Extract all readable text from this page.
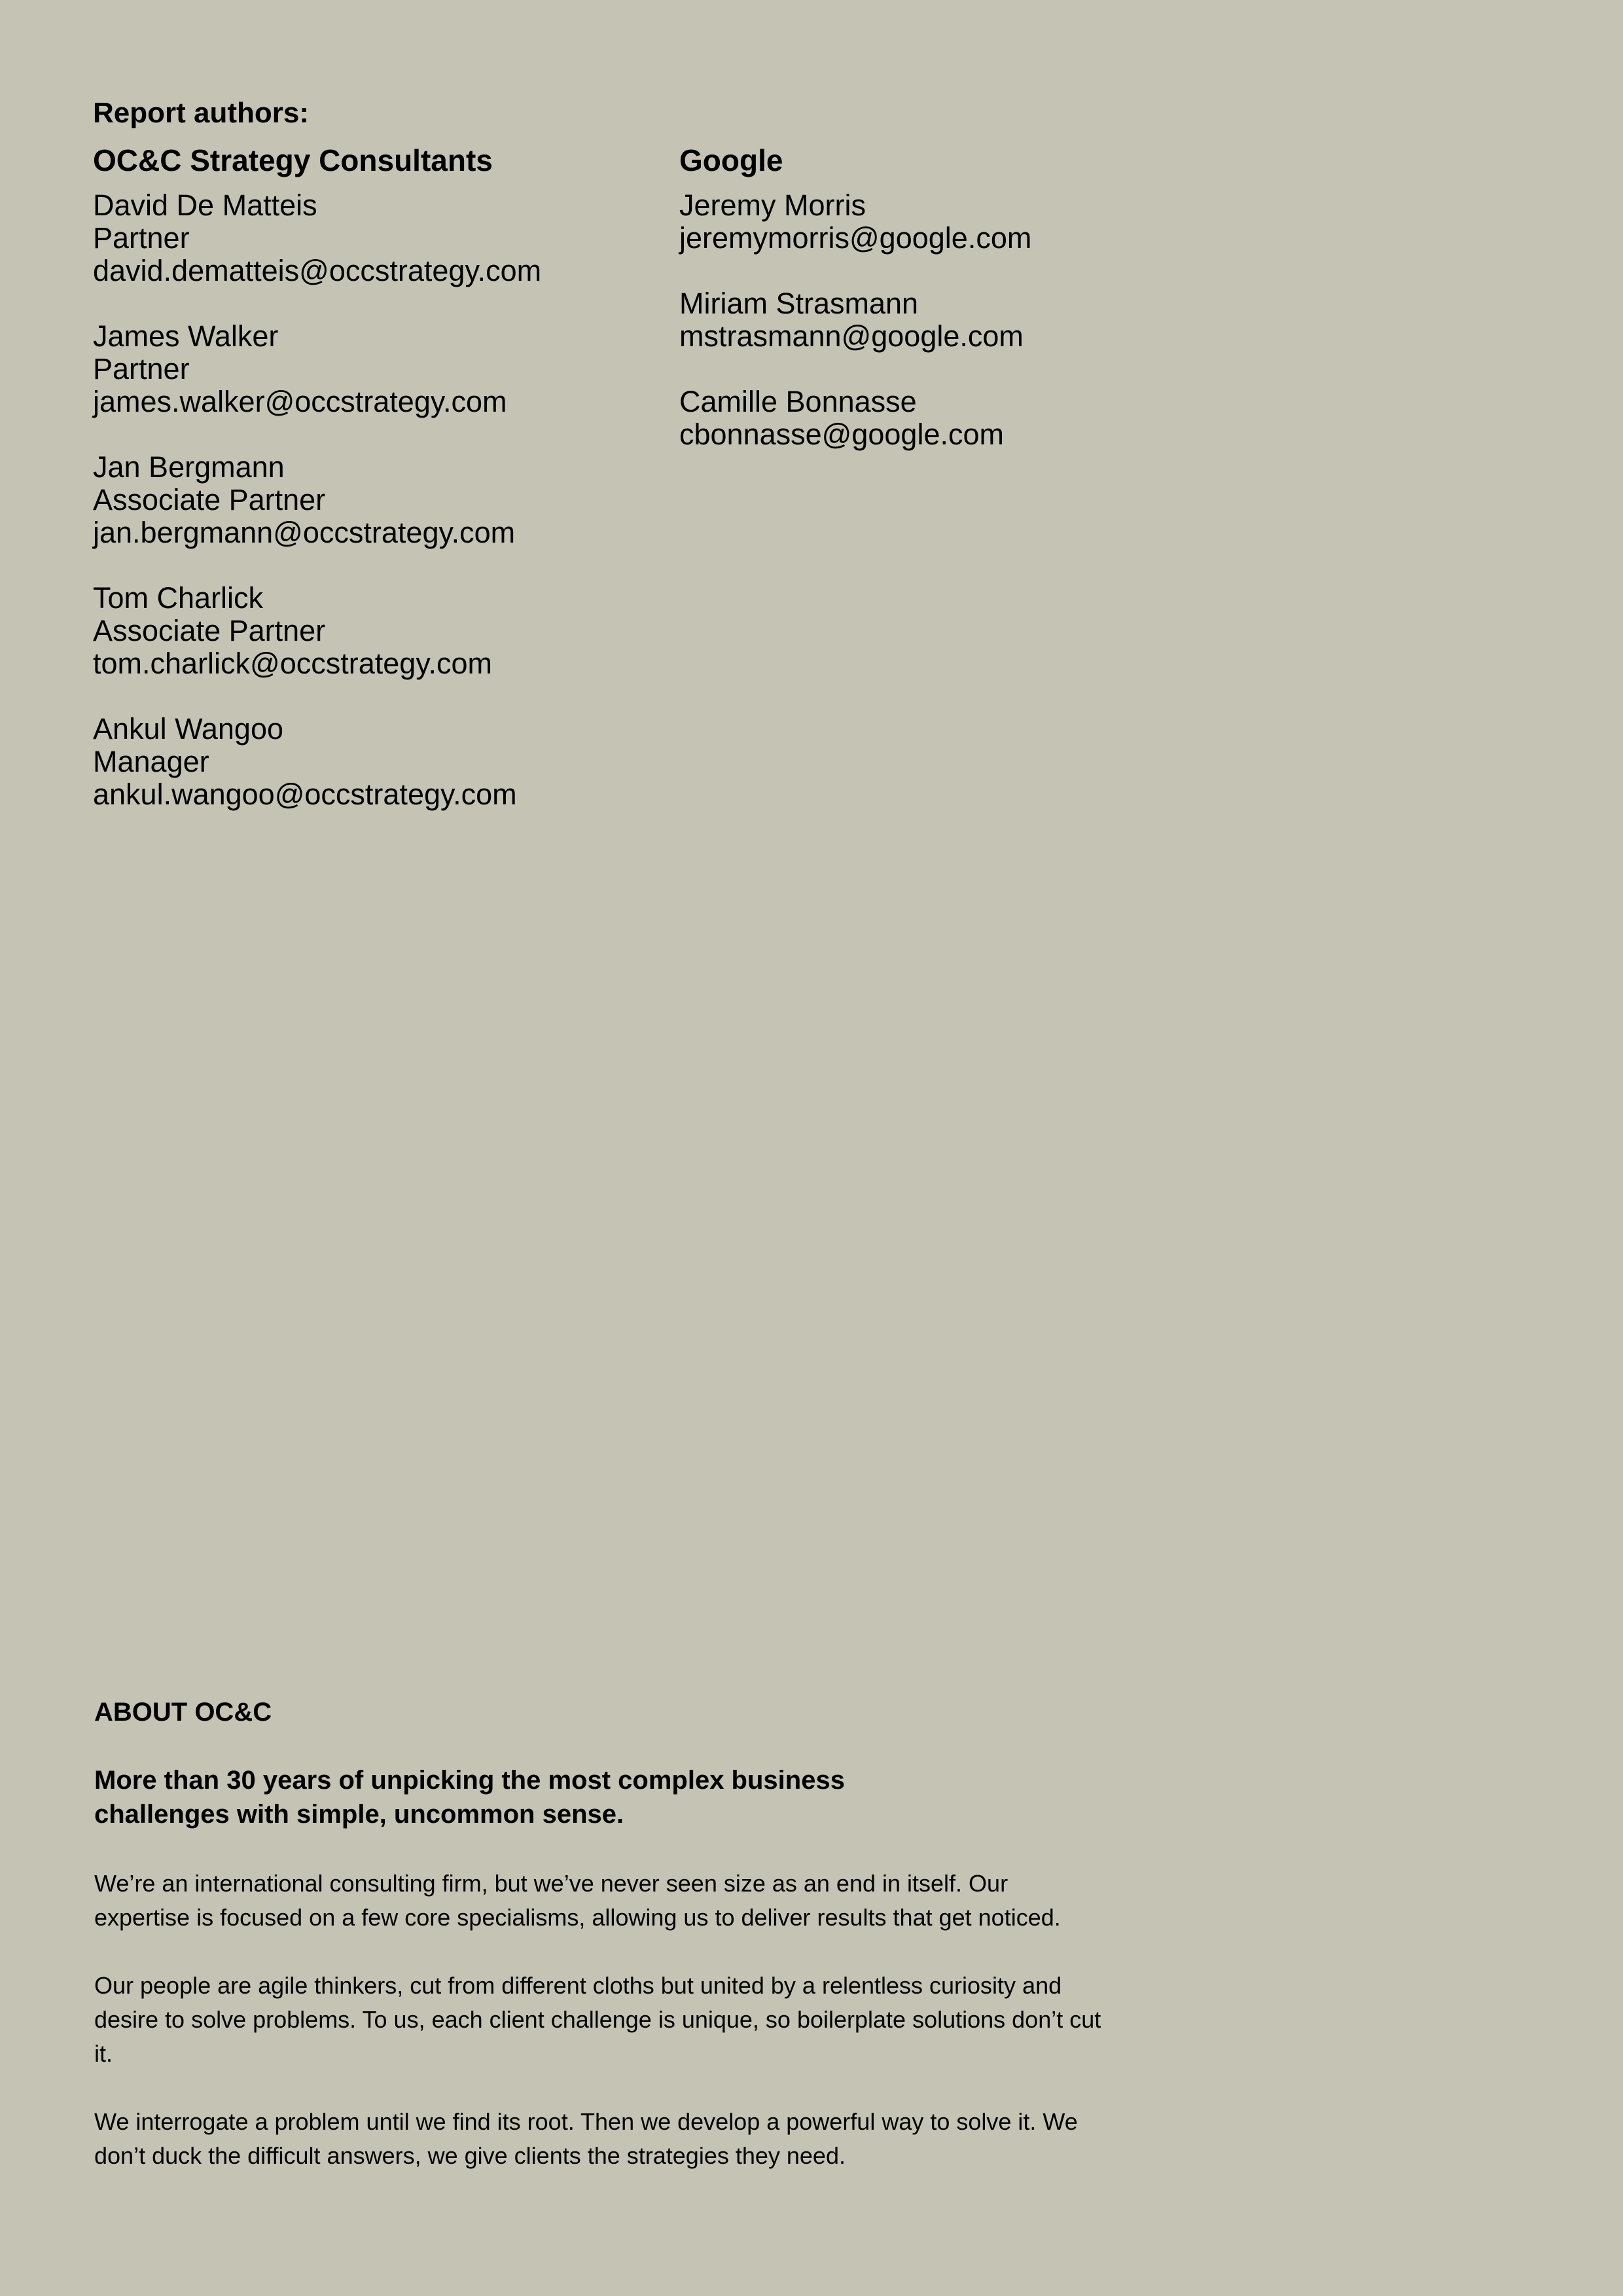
Report authors:
OC&C Strategy Consultants
David De Matteis
Partner
david.dematteis@occstrategy.com
James Walker
Partner
james.walker@occstrategy.com
Jan Bergmann
Associate Partner
jan.bergmann@occstrategy.com
Tom Charlick
Associate Partner
tom.charlick@occstrategy.com
Ankul Wangoo
Manager
ankul.wangoo@occstrategy.com
Google
Jeremy Morris
jeremymorris@google.com
Miriam Strasmann
mstrasmann@google.com
Camille Bonnasse
cbonnasse@google.com
ABOUT OC&C
More than 30 years of unpicking the most complex business challenges with simple, uncommon sense.

We’re an international consulting firm, but we’ve never seen size as an end in itself. Our expertise is focused on a few core specialisms, allowing us to deliver results that get noticed.

Our people are agile thinkers, cut from different cloths but united by a relentless curiosity and desire to solve problems. To us, each client challenge is unique, so boilerplate solutions don’t cut it.

We interrogate a problem until we find its root. Then we develop a powerful way to solve it. We don’t duck the difficult answers, we give clients the strategies they need.
